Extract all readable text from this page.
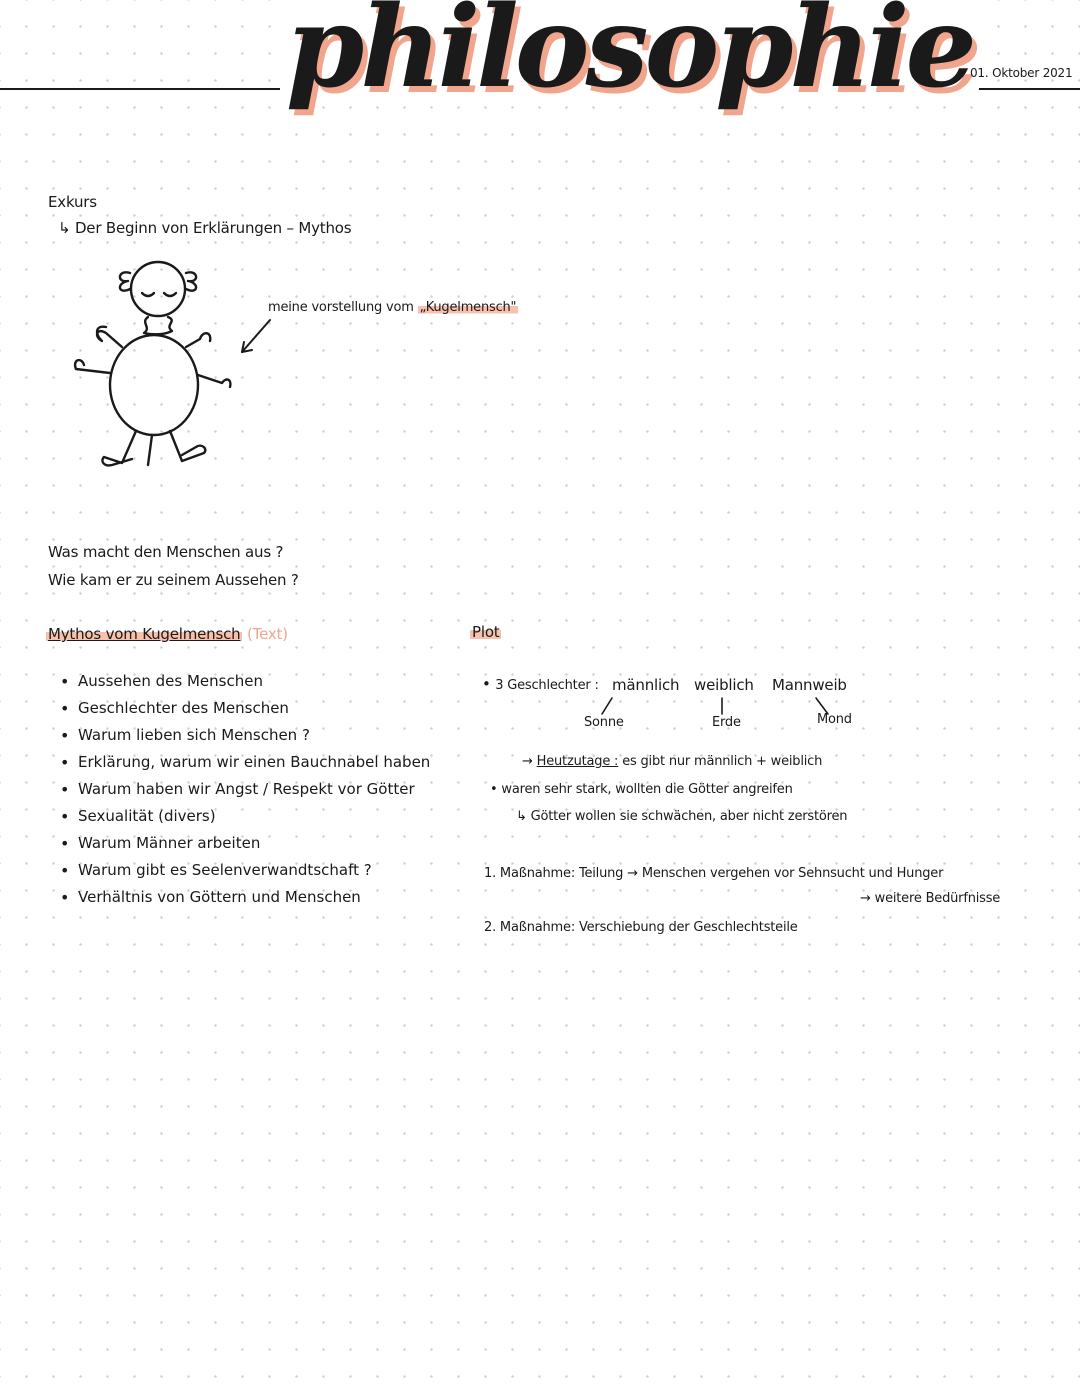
philosophie
01. Oktober 2021
Exkurs
↳ Der Beginn von Erklärungen – Mythos
meine vorstellung vom „Kugelmensch"
Was macht den Menschen aus ?
Wie kam er zu seinem Aussehen ?
Mythos vom Kugelmensch (Text)
• Aussehen des Menschen
• Geschlechter des Menschen
• Warum lieben sich Menschen ?
• Erklärung, warum wir einen Bauchnabel haben
• Warum haben wir Angst / Respekt vor Götter
• Sexualität (divers)
• Warum Männer arbeiten
• Warum gibt es Seelenverwandtschaft ?
• Verhältnis von Göttern und Menschen
Plot
• 3 Geschlechter : männlich weiblich Mannweib
Sonne	Erde	Mond
→ Heutzutage : es gibt nur männlich + weiblich
• waren sehr stark, wollten die Götter angreifen
↳ Götter wollen sie schwächen, aber nicht zerstören
1. Maßnahme: Teilung → Menschen vergehen vor Sehnsucht und Hunger
→ weitere Bedürfnisse
2. Maßnahme: Verschiebung der Geschlechtsteile
